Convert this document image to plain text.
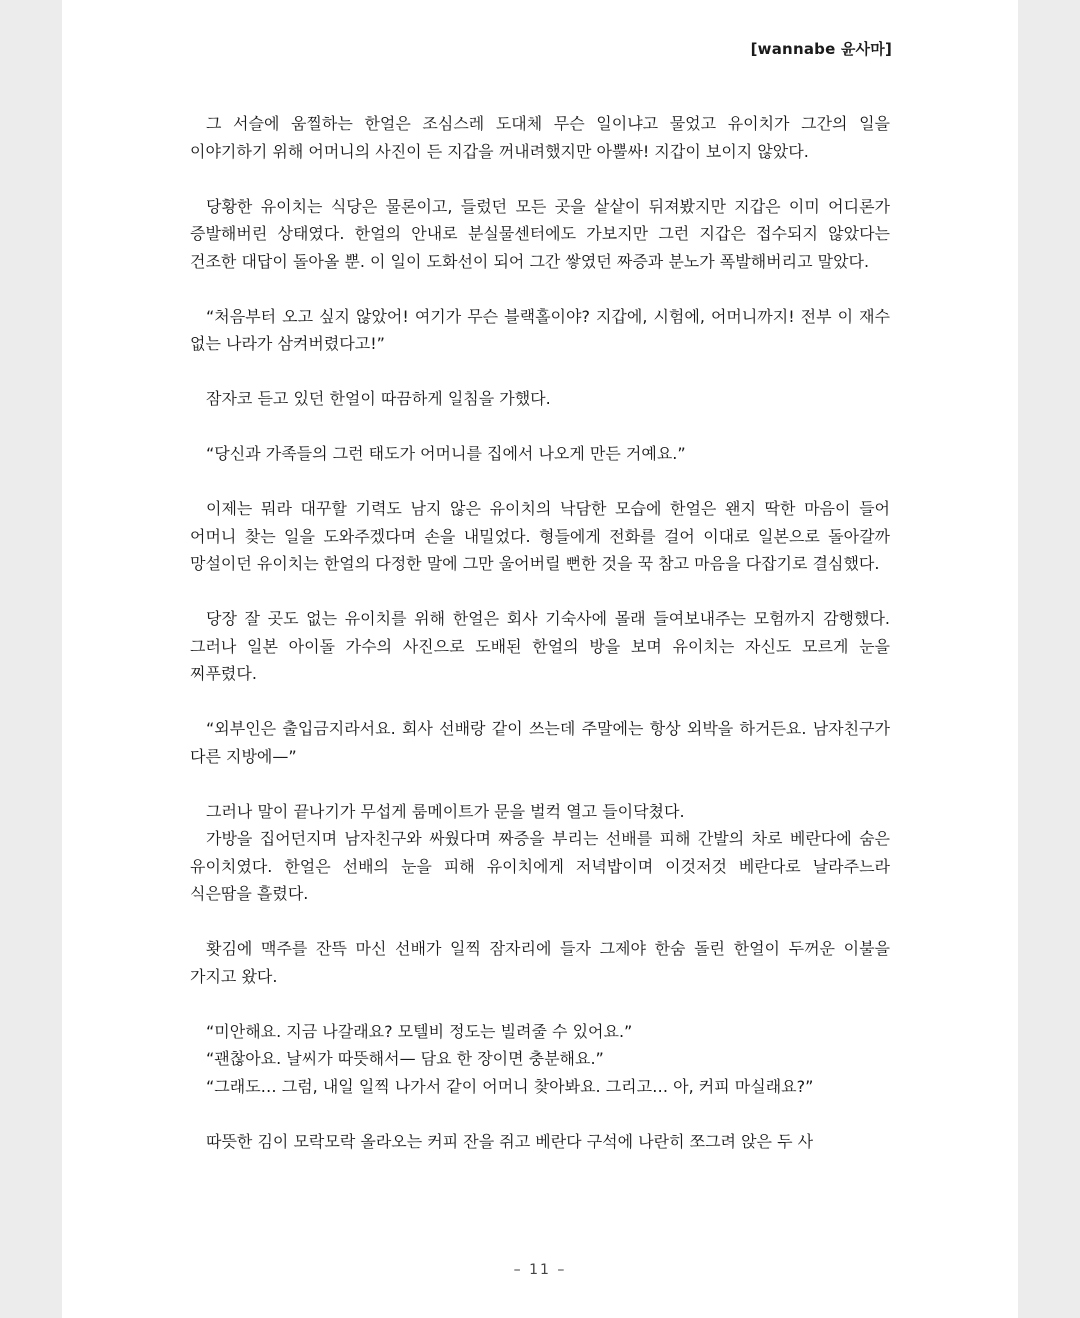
[wannabe 윤사마]

그 서슬에 움찔하는 한얼은 조심스레 도대체 무슨 일이냐고 물었고 유이치가 그간의 일을 이야기하기 위해 어머니의 사진이 든 지갑을 꺼내려했지만 아뿔싸! 지갑이 보이지 않았다.

당황한 유이치는 식당은 물론이고, 들렀던 모든 곳을 샅샅이 뒤져봤지만 지갑은 이미 어디론가 증발해버린 상태였다. 한얼의 안내로 분실물센터에도 가보지만 그런 지갑은 접수되지 않았다는 건조한 대답이 돌아올 뿐. 이 일이 도화선이 되어 그간 쌓였던 짜증과 분노가 폭발해버리고 말았다.

“처음부터 오고 싶지 않았어! 여기가 무슨 블랙홀이야? 지갑에, 시험에, 어머니까지! 전부 이 재수 없는 나라가 삼켜버렸다고!”

잠자코 듣고 있던 한얼이 따끔하게 일침을 가했다.

“당신과 가족들의 그런 태도가 어머니를 집에서 나오게 만든 거예요.”

이제는 뭐라 대꾸할 기력도 남지 않은 유이치의 낙담한 모습에 한얼은 왠지 딱한 마음이 들어 어머니 찾는 일을 도와주겠다며 손을 내밀었다. 형들에게 전화를 걸어 이대로 일본으로 돌아갈까 망설이던 유이치는 한얼의 다정한 말에 그만 울어버릴 뻔한 것을 꾹 참고 마음을 다잡기로 결심했다.

당장 잘 곳도 없는 유이치를 위해 한얼은 회사 기숙사에 몰래 들여보내주는 모험까지 감행했다. 그러나 일본 아이돌 가수의 사진으로 도배된 한얼의 방을 보며 유이치는 자신도 모르게 눈을 찌푸렸다.

“외부인은 출입금지라서요. 회사 선배랑 같이 쓰는데 주말에는 항상 외박을 하거든요. 남자친구가 다른 지방에—”

그러나 말이 끝나기가 무섭게 룸메이트가 문을 벌컥 열고 들이닥쳤다.

가방을 집어던지며 남자친구와 싸웠다며 짜증을 부리는 선배를 피해 간발의 차로 베란다에 숨은 유이치였다. 한얼은 선배의 눈을 피해 유이치에게 저녁밥이며 이것저것 베란다로 날라주느라 식은땀을 흘렸다.

홧김에 맥주를 잔뜩 마신 선배가 일찍 잠자리에 들자 그제야 한숨 돌린 한얼이 두꺼운 이불을 가지고 왔다.

“미안해요. 지금 나갈래요? 모텔비 정도는 빌려줄 수 있어요.”

“괜찮아요. 날씨가 따뜻해서— 담요 한 장이면 충분해요.”

“그래도… 그럼, 내일 일찍 나가서 같이 어머니 찾아봐요. 그리고… 아, 커피 마실래요?”

따뜻한 김이 모락모락 올라오는 커피 잔을 쥐고 베란다 구석에 나란히 쪼그려 앉은 두 사

– 11 –
